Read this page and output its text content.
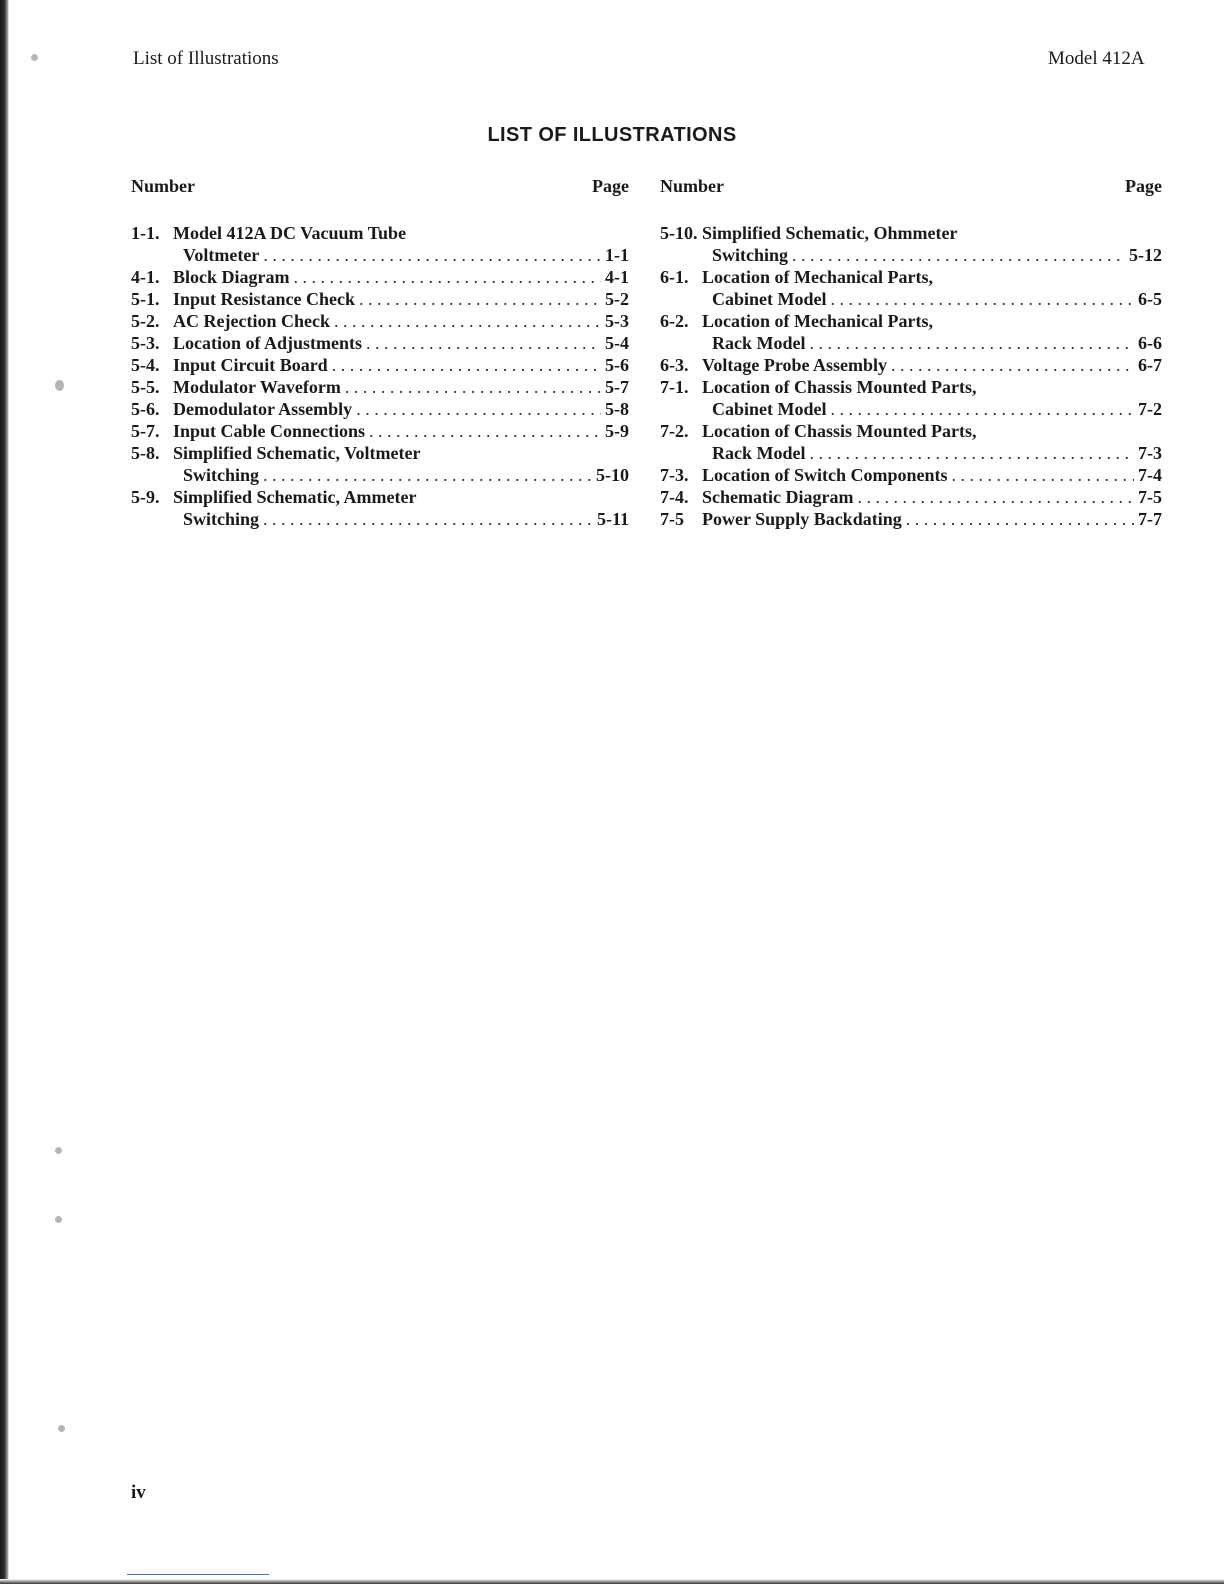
List of Illustrations	Model 412A
LIST OF ILLUSTRATIONS
Number	Page
1-1. Model 412A DC Vacuum Tube
Voltmeter . . .	1-1
4-1. Block Diagram . . .	4-1
5-1. Input Resistance Check . . .	5-2
5-2. AC Rejection Check . . .	5-3
5-3. Location of Adjustments . . .	5-4
5-4. Input Circuit Board . . .	5-6
5-5. Modulator Waveform . . .	5-7
5-6. Demodulator Assembly . . .	5-8
5-7. Input Cable Connections . . .	5-9
5-8. Simplified Schematic, Voltmeter
Switching . . .	5-10
5-9. Simplified Schematic, Ammeter
Switching . . .	5-11
Number	Page
5-10. Simplified Schematic, Ohmmeter
Switching . . .	5-12
6-1. Location of Mechanical Parts,
Cabinet Model . . .	6-5
6-2. Location of Mechanical Parts,
Rack Model . . .	6-6
6-3. Voltage Probe Assembly . . .	6-7
7-1. Location of Chassis Mounted Parts,
Cabinet Model . . .	7-2
7-2. Location of Chassis Mounted Parts,
Rack Model . . .	7-3
7-3. Location of Switch Components . . .	7-4
7-4. Schematic Diagram . . .	7-5
7-5	Power Supply Backdating . . .	7-7
iv
